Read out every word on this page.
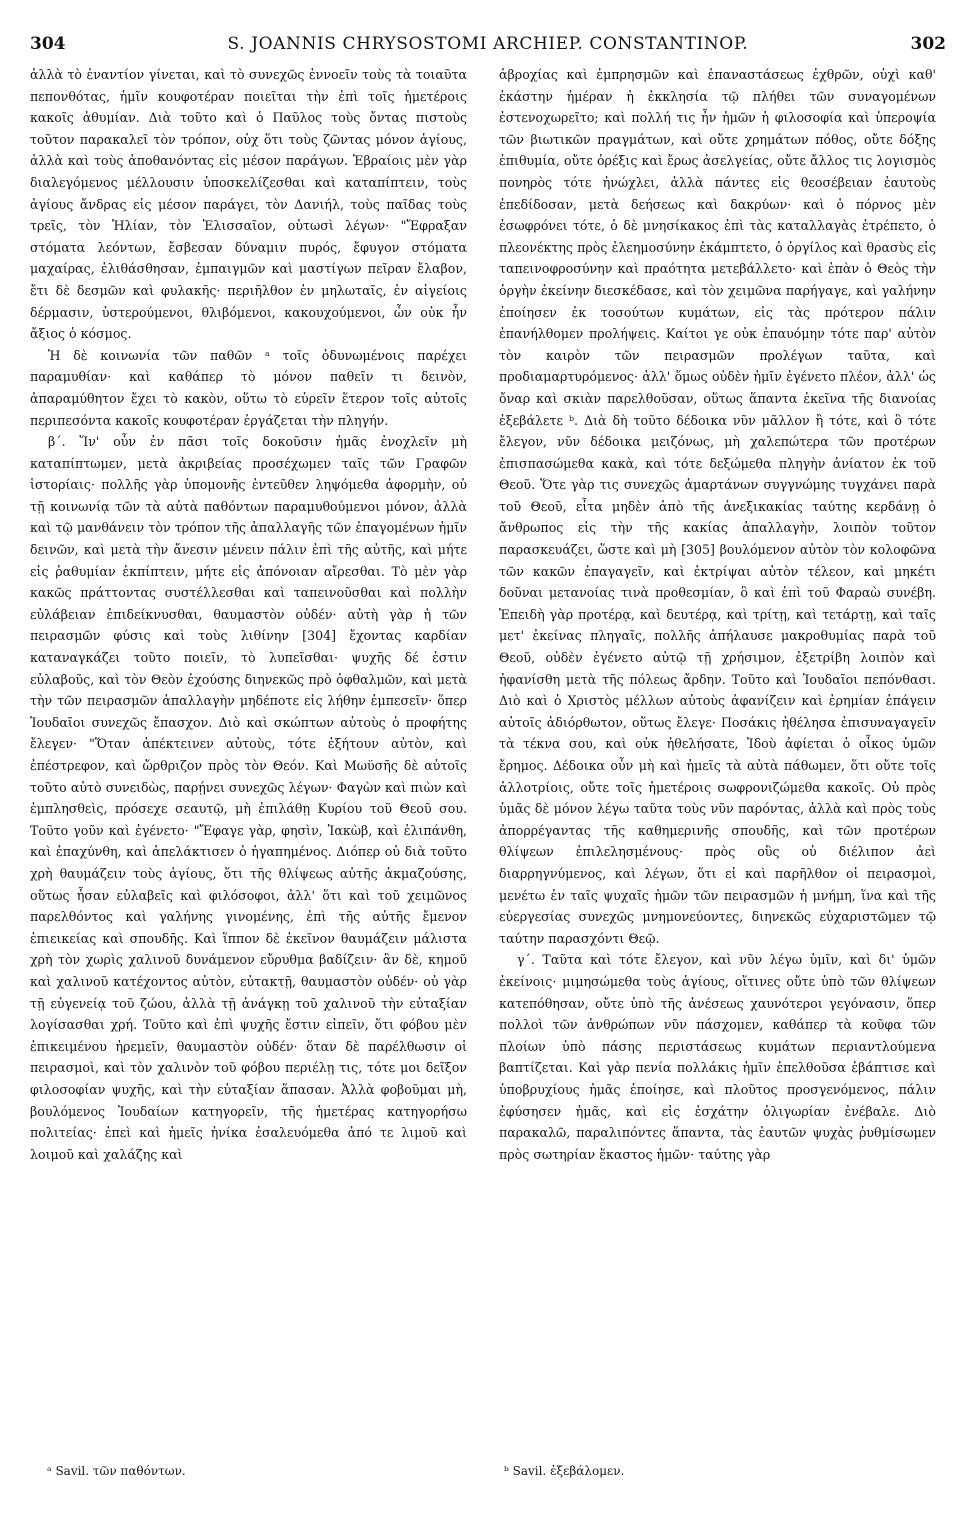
304	S. JOANNIS CHRYSOSTOMI ARCHIEP. CONSTANTINOP.	302

ἀλλὰ τὸ ἐναντίον γίνεται, καὶ τὸ συνεχῶς ἐννοεῖν τοὺς τὰ τοιαῦτα πεπονθότας, ἡμῖν κουφοτέραν ποιεῖται τὴν ἐπὶ τοῖς ἡμετέροις κακοῖς ἀθυμίαν. Διὰ τοῦτο καὶ ὁ Παῦλος τοὺς ὄντας πιστοὺς τοῦτον παρακαλεῖ τὸν τρόπον, οὐχ ὅτι τοὺς ζῶντας μόνον ἁγίους, ἀλλὰ καὶ τοὺς ἀποθανόντας εἰς μέσον παράγων. Ἑβραίοις μὲν γὰρ διαλεγόμενος μέλλουσιν ὑποσκελίζεσθαι καὶ καταπίπτειν, τοὺς ἁγίους ἄνδρας εἰς μέσον παράγει, τὸν Δανιήλ, τοὺς παῖδας τοὺς τρεῖς, τὸν Ἠλίαν, τὸν Ἐλισσαῖον, οὑτωσὶ λέγων· "Ἔφραξαν στόματα λεόντων, ἔσβεσαν δύναμιν πυρός, ἔφυγον στόματα μαχαίρας, ἐλιθάσθησαν, ἐμπαιγμῶν καὶ μαστίγων πεῖραν ἔλαβον, ἔτι δὲ δεσμῶν καὶ φυλακῆς· περιῆλθον ἐν μηλωταῖς, ἐν αἰγείοις δέρμασιν, ὑστερούμενοι, θλιβόμενοι, κακουχούμενοι, ὧν οὐκ ἦν ἄξιος ὁ κόσμος.

Ἡ δὲ κοινωνία τῶν παθῶν ᵃ τοῖς ὀδυνωμένοις παρέχει παραμυθίαν· καὶ καθάπερ τὸ μόνον παθεῖν τι δεινὸν, ἀπαραμύθητον ἔχει τὸ κακὸν, οὕτω τὸ εὑρεῖν ἕτερον τοῖς αὐτοῖς περιπεσόντα κακοῖς κουφοτέραν ἐργάζεται τὴν πληγήν.

β΄. Ἵν' οὖν ἐν πᾶσι τοῖς δοκοῦσιν ἡμᾶς ἐνοχλεῖν μὴ καταπίπτωμεν, μετὰ ἀκριβείας προσέχωμεν ταῖς τῶν Γραφῶν ἱστορίαις· πολλῆς γὰρ ὑπομονῆς ἐντεῦθεν ληψόμεθα ἀφορμὴν, οὐ τῇ κοινωνίᾳ τῶν τὰ αὐτὰ παθόντων παραμυθούμενοι μόνον, ἀλλὰ καὶ τῷ μανθάνειν τὸν τρόπον τῆς ἀπαλλαγῆς τῶν ἐπαγομένων ἡμῖν δεινῶν, καὶ μετὰ τὴν ἄνεσιν μένειν πάλιν ἐπὶ τῆς αὐτῆς, καὶ μήτε εἰς ῥαθυμίαν ἐκπίπτειν, μήτε εἰς ἀπόνοιαν αἴρεσθαι. Τὸ μὲν γὰρ κακῶς πράττοντας συστέλλεσθαι καὶ ταπεινοῦσθαι καὶ πολλὴν εὐλάβειαν ἐπιδείκνυσθαι, θαυμαστὸν οὐδέν· αὐτὴ γὰρ ἡ τῶν πειρασμῶν φύσις καὶ τοὺς λιθίνην [304] ἔχοντας καρδίαν καταναγκάζει τοῦτο ποιεῖν, τὸ λυπεῖσθαι· ψυχῆς δέ ἐστιν εὐλαβοῦς, καὶ τὸν Θεὸν ἐχούσης διηνεκῶς πρὸ ὀφθαλμῶν, καὶ μετὰ τὴν τῶν πειρασμῶν ἀπαλλαγὴν μηδέποτε εἰς λήθην ἐμπεσεῖν· ὅπερ Ἰουδαῖοι συνεχῶς ἔπασχον. Διὸ καὶ σκώπτων αὐτοὺς ὁ προφήτης ἔλεγεν· "Ὅταν ἀπέκτεινεν αὐτοὺς, τότε ἐξήτουν αὐτὸν, καὶ ἐπέστρεφον, καὶ ὤρθριζον πρὸς τὸν Θεόν. Καὶ Μωϋσῆς δὲ αὐτοῖς τοῦτο αὐτὸ συνειδὼς, παρῄνει συνεχῶς λέγων· Φαγὼν καὶ πιὼν καὶ ἐμπλησθεὶς, πρόσεχε σεαυτῷ, μὴ ἐπιλάθῃ Κυρίου τοῦ Θεοῦ σου. Τοῦτο γοῦν καὶ ἐγένετο· "Ἔφαγε γὰρ, φησὶν, Ἰακὼβ, καὶ ἐλιπάνθη, καὶ ἐπαχύνθη, καὶ ἀπελάκτισεν ὁ ἠγαπημένος. Διόπερ οὐ διὰ τοῦτο χρὴ θαυμάζειν τοὺς ἁγίους, ὅτι τῆς θλίψεως αὐτῆς ἀκμαζούσης, οὕτως ἦσαν εὐλαβεῖς καὶ φιλόσοφοι, ἀλλ' ὅτι καὶ τοῦ χειμῶνος παρελθόντος καὶ γαλήνης γινομένης, ἐπὶ τῆς αὐτῆς ἔμενον ἐπιεικείας καὶ σπουδῆς. Καὶ ἵππον δὲ ἐκεῖνον θαυμάζειν μάλιστα χρὴ τὸν χωρὶς χαλινοῦ δυνάμενον εὔρυθμα βαδίζειν· ἂν δὲ, κημοῦ καὶ χαλινοῦ κατέχοντος αὐτὸν, εὐτακτῇ, θαυμαστὸν οὐδέν· οὐ γὰρ τῇ εὐγενείᾳ τοῦ ζώου, ἀλλὰ τῇ ἀνάγκῃ τοῦ χαλινοῦ τὴν εὐταξίαν λογίσασθαι χρή. Τοῦτο καὶ ἐπὶ ψυχῆς ἔστιν εἰπεῖν, ὅτι φόβου μὲν ἐπικειμένου ἠρεμεῖν, θαυμαστὸν οὐδέν· ὅταν δὲ παρέλθωσιν οἱ πειρασμοὶ, καὶ τὸν χαλινὸν τοῦ φόβου περιέλῃ τις, τότε μοι δεῖξον φιλοσοφίαν ψυχῆς, καὶ τὴν εὐταξίαν ἅπασαν. Ἀλλὰ φοβοῦμαι μὴ, βουλόμενος Ἰουδαίων κατηγορεῖν, τῆς ἡμετέρας κατηγορήσω πολιτείας· ἐπεὶ καὶ ἡμεῖς ἡνίκα ἐσαλευόμεθα ἀπό τε λιμοῦ καὶ λοιμοῦ καὶ χαλάζης καὶ

ἀβροχίας καὶ ἐμπρησμῶν καὶ ἐπαναστάσεως ἐχθρῶν, οὐχὶ καθ' ἑκάστην ἡμέραν ἡ ἐκκλησία τῷ πλήθει τῶν συναγομένων ἐστενοχωρεῖτο; καὶ πολλή τις ἦν ἡμῶν ἡ φιλοσοφία καὶ ὑπεροψία τῶν βιωτικῶν πραγμάτων, καὶ οὔτε χρημάτων πόθος, οὔτε δόξης ἐπιθυμία, οὔτε ὀρέξις καὶ ἔρως ἀσελγείας, οὔτε ἄλλος τις λογισμὸς πονηρὸς τότε ἠνώχλει, ἀλλὰ πάντες εἰς θεοσέβειαν ἑαυτοὺς ἐπεδίδοσαν, μετὰ δεήσεως καὶ δακρύων· καὶ ὁ πόρνος μὲν ἐσωφρόνει τότε, ὁ δὲ μνησίκακος ἐπὶ τὰς καταλλαγὰς ἐτρέπετο, ὁ πλεονέκτης πρὸς ἐλεημοσύνην ἐκάμπτετο, ὁ ὀργίλος καὶ θρασὺς εἰς ταπεινοφροσύνην καὶ πραότητα μετεβάλλετο· καὶ ἐπὰν ὁ Θεὸς τὴν ὀργὴν ἐκείνην διεσκέδασε, καὶ τὸν χειμῶνα παρήγαγε, καὶ γαλήνην ἐποίησεν ἐκ τοσούτων κυμάτων, εἰς τὰς πρότερον πάλιν ἐπανήλθομεν προλήψεις. Καίτοι γε οὐκ ἐπαυόμην τότε παρ' αὐτὸν τὸν καιρὸν τῶν πειρασμῶν προλέγων ταῦτα, καὶ προδιαμαρτυρόμενος· ἀλλ' ὅμως οὐδὲν ἡμῖν ἐγένετο πλέον, ἀλλ' ὡς ὄναρ καὶ σκιὰν παρελθοῦσαν, οὕτως ἅπαντα ἐκεῖνα τῆς διανοίας ἐξεβάλετε ᵇ. Διὰ δὴ τοῦτο δέδοικα νῦν μᾶλλον ἢ τότε, καὶ ὃ τότε ἔλεγον, νῦν δέδοικα μειζόνως, μὴ χαλεπώτερα τῶν προτέρων ἐπισπασώμεθα κακὰ, καὶ τότε δεξώμεθα πληγὴν ἀνίατον ἐκ τοῦ Θεοῦ. Ὅτε γὰρ τις συνεχῶς ἁμαρτάνων συγγνώμης τυγχάνει παρὰ τοῦ Θεοῦ, εἶτα μηδὲν ἀπὸ τῆς ἀνεξικακίας ταύτης κερδάνῃ ὁ ἄνθρωπος εἰς τὴν τῆς κακίας ἀπαλλαγὴν, λοιπὸν τοῦτον παρασκευάζει, ὥστε καὶ μὴ [305] βουλόμενον αὐτὸν τὸν κολοφῶνα τῶν κακῶν ἐπαγαγεῖν, καὶ ἐκτρίψαι αὐτὸν τέλεον, καὶ μηκέτι δοῦναι μετανοίας τινὰ προθεσμίαν, ὃ καὶ ἐπὶ τοῦ Φαραὼ συνέβη. Ἐπειδὴ γὰρ προτέρᾳ, καὶ δευτέρᾳ, καὶ τρίτῃ, καὶ τετάρτῃ, καὶ ταῖς μετ' ἐκείνας πληγαῖς, πολλῆς ἀπήλαυσε μακροθυμίας παρὰ τοῦ Θεοῦ, οὐδὲν ἐγένετο αὐτῷ τῇ χρήσιμον, ἐξετρίβη λοιπὸν καὶ ἠφανίσθη μετὰ τῆς πόλεως ἄρδην. Τοῦτο καὶ Ἰουδαῖοι πεπόνθασι. Διὸ καὶ ὁ Χριστὸς μέλλων αὐτοὺς ἀφανίζειν καὶ ἐρημίαν ἐπάγειν αὐτοῖς ἀδιόρθωτον, οὕτως ἔλεγε· Ποσάκις ἠθέλησα ἐπισυναγαγεῖν τὰ τέκνα σου, καὶ οὐκ ἠθελήσατε, Ἰδοὺ ἀφίεται ὁ οἶκος ὑμῶν ἔρημος. Δέδοικα οὖν μὴ καὶ ἡμεῖς τὰ αὐτὰ πάθωμεν, ὅτι οὔτε τοῖς ἀλλοτρίοις, οὔτε τοῖς ἡμετέροις σωφρονιζώμεθα κακοῖς. Οὐ πρὸς ὑμᾶς δὲ μόνον λέγω ταῦτα τοὺς νῦν παρόντας, ἀλλὰ καὶ πρὸς τοὺς ἀπορρέγαντας τῆς καθημερινῆς σπουδῆς, καὶ τῶν προτέρων θλίψεων ἐπιλελησμένους· πρὸς οὓς οὐ διέλιπον ἀεὶ διαρρηγνύμενος, καὶ λέγων, ὅτι εἰ καὶ παρῆλθον οἱ πειρασμοὶ, μενέτω ἐν ταῖς ψυχαῖς ἡμῶν τῶν πειρασμῶν ἡ μνήμη, ἵνα καὶ τῆς εὐεργεσίας συνεχῶς μνημονεύοντες, διηνεκῶς εὐχαριστῶμεν τῷ ταύτην παρασχόντι Θεῷ.

γ΄. Ταῦτα καὶ τότε ἔλεγον, καὶ νῦν λέγω ὑμῖν, καὶ δι' ὑμῶν ἐκείνοις· μιμησώμεθα τοὺς ἁγίους, οἵτινες οὔτε ὑπὸ τῶν θλίψεων κατεπόθησαν, οὔτε ὑπὸ τῆς ἀνέσεως χαυνότεροι γεγόνασιν, ὅπερ πολλοὶ τῶν ἀνθρώπων νῦν πάσχομεν, καθάπερ τὰ κοῦφα τῶν πλοίων ὑπὸ πάσης περιστάσεως κυμάτων περιαντλούμενα βαπτίζεται. Καὶ γὰρ πενία πολλάκις ἡμῖν ἐπελθοῦσα ἐβάπτισε καὶ ὑποβρυχίους ἡμᾶς ἐποίησε, καὶ πλοῦτος προσγενόμενος, πάλιν ἐφύσησεν ἡμᾶς, καὶ εἰς ἐσχάτην ὀλιγωρίαν ἐνέβαλε. Διὸ παρακαλῶ, παραλιπόντες ἅπαντα, τὰς ἑαυτῶν ψυχὰς ῥυθμίσωμεν πρὸς σωτηρίαν ἕκαστος ἡμῶν· ταύτης γὰρ

ᵃ Savil. τῶν παθόντων.	ᵇ Savil. ἐξεβάλομεν.
